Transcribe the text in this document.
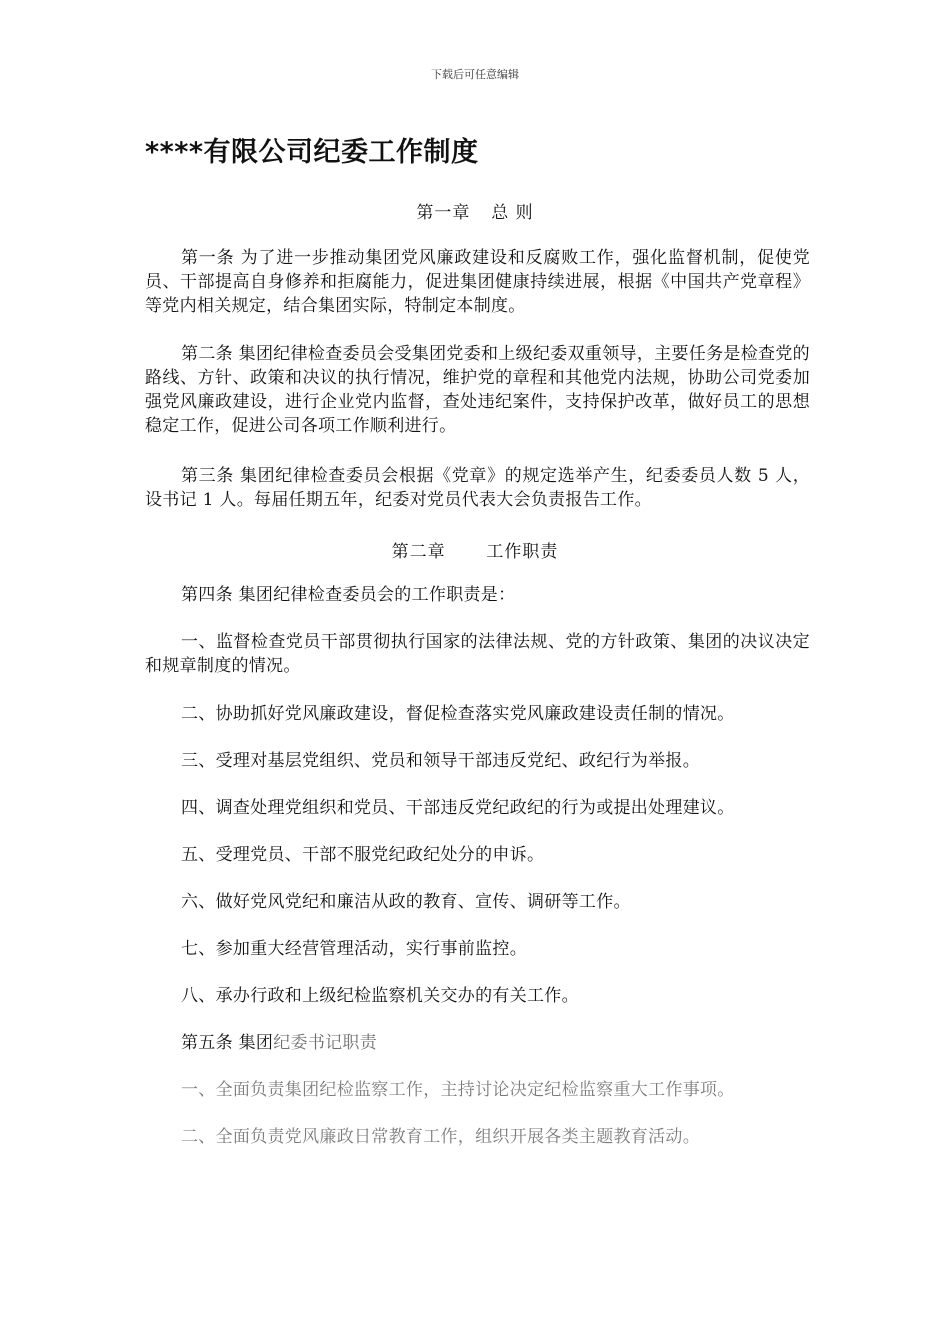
下载后可任意编辑
****有限公司纪委工作制度
第一章 总 则

第一条 为了进一步推动集团党风廉政建设和反腐败工作，强化监督机制，促使党员、干部提高自身修养和拒腐能力，促进集团健康持续进展，根据《中国共产党章程》等党内相关规定，结合集团实际，特制定本制度。

第二条 集团纪律检查委员会受集团党委和上级纪委双重领导，主要任务是检查党的路线、方针、政策和决议的执行情况，维护党的章程和其他党内法规，协助公司党委加强党风廉政建设，进行企业党内监督，查处违纪案件，支持保护改革，做好员工的思想稳定工作，促进公司各项工作顺利进行。

第三条 集团纪律检查委员会根据《党章》的规定选举产生，纪委委员人数 5 人，设书记 1 人。每届任期五年，纪委对党员代表大会负责报告工作。

第二章 工作职责

第四条 集团纪律检查委员会的工作职责是：

一、监督检查党员干部贯彻执行国家的法律法规、党的方针政策、集团的决议决定和规章制度的情况。

二、协助抓好党风廉政建设，督促检查落实党风廉政建设责任制的情况。

三、受理对基层党组织、党员和领导干部违反党纪、政纪行为举报。

四、调查处理党组织和党员、干部违反党纪政纪的行为或提出处理建议。

五、受理党员、干部不服党纪政纪处分的申诉。

六、做好党风党纪和廉洁从政的教育、宣传、调研等工作。

七、参加重大经营管理活动，实行事前监控。

八、承办行政和上级纪检监察机关交办的有关工作。

第五条 集团纪委书记职责

一、全面负责集团纪检监察工作，主持讨论决定纪检监察重大工作事项。

二、全面负责党风廉政日常教育工作，组织开展各类主题教育活动。
